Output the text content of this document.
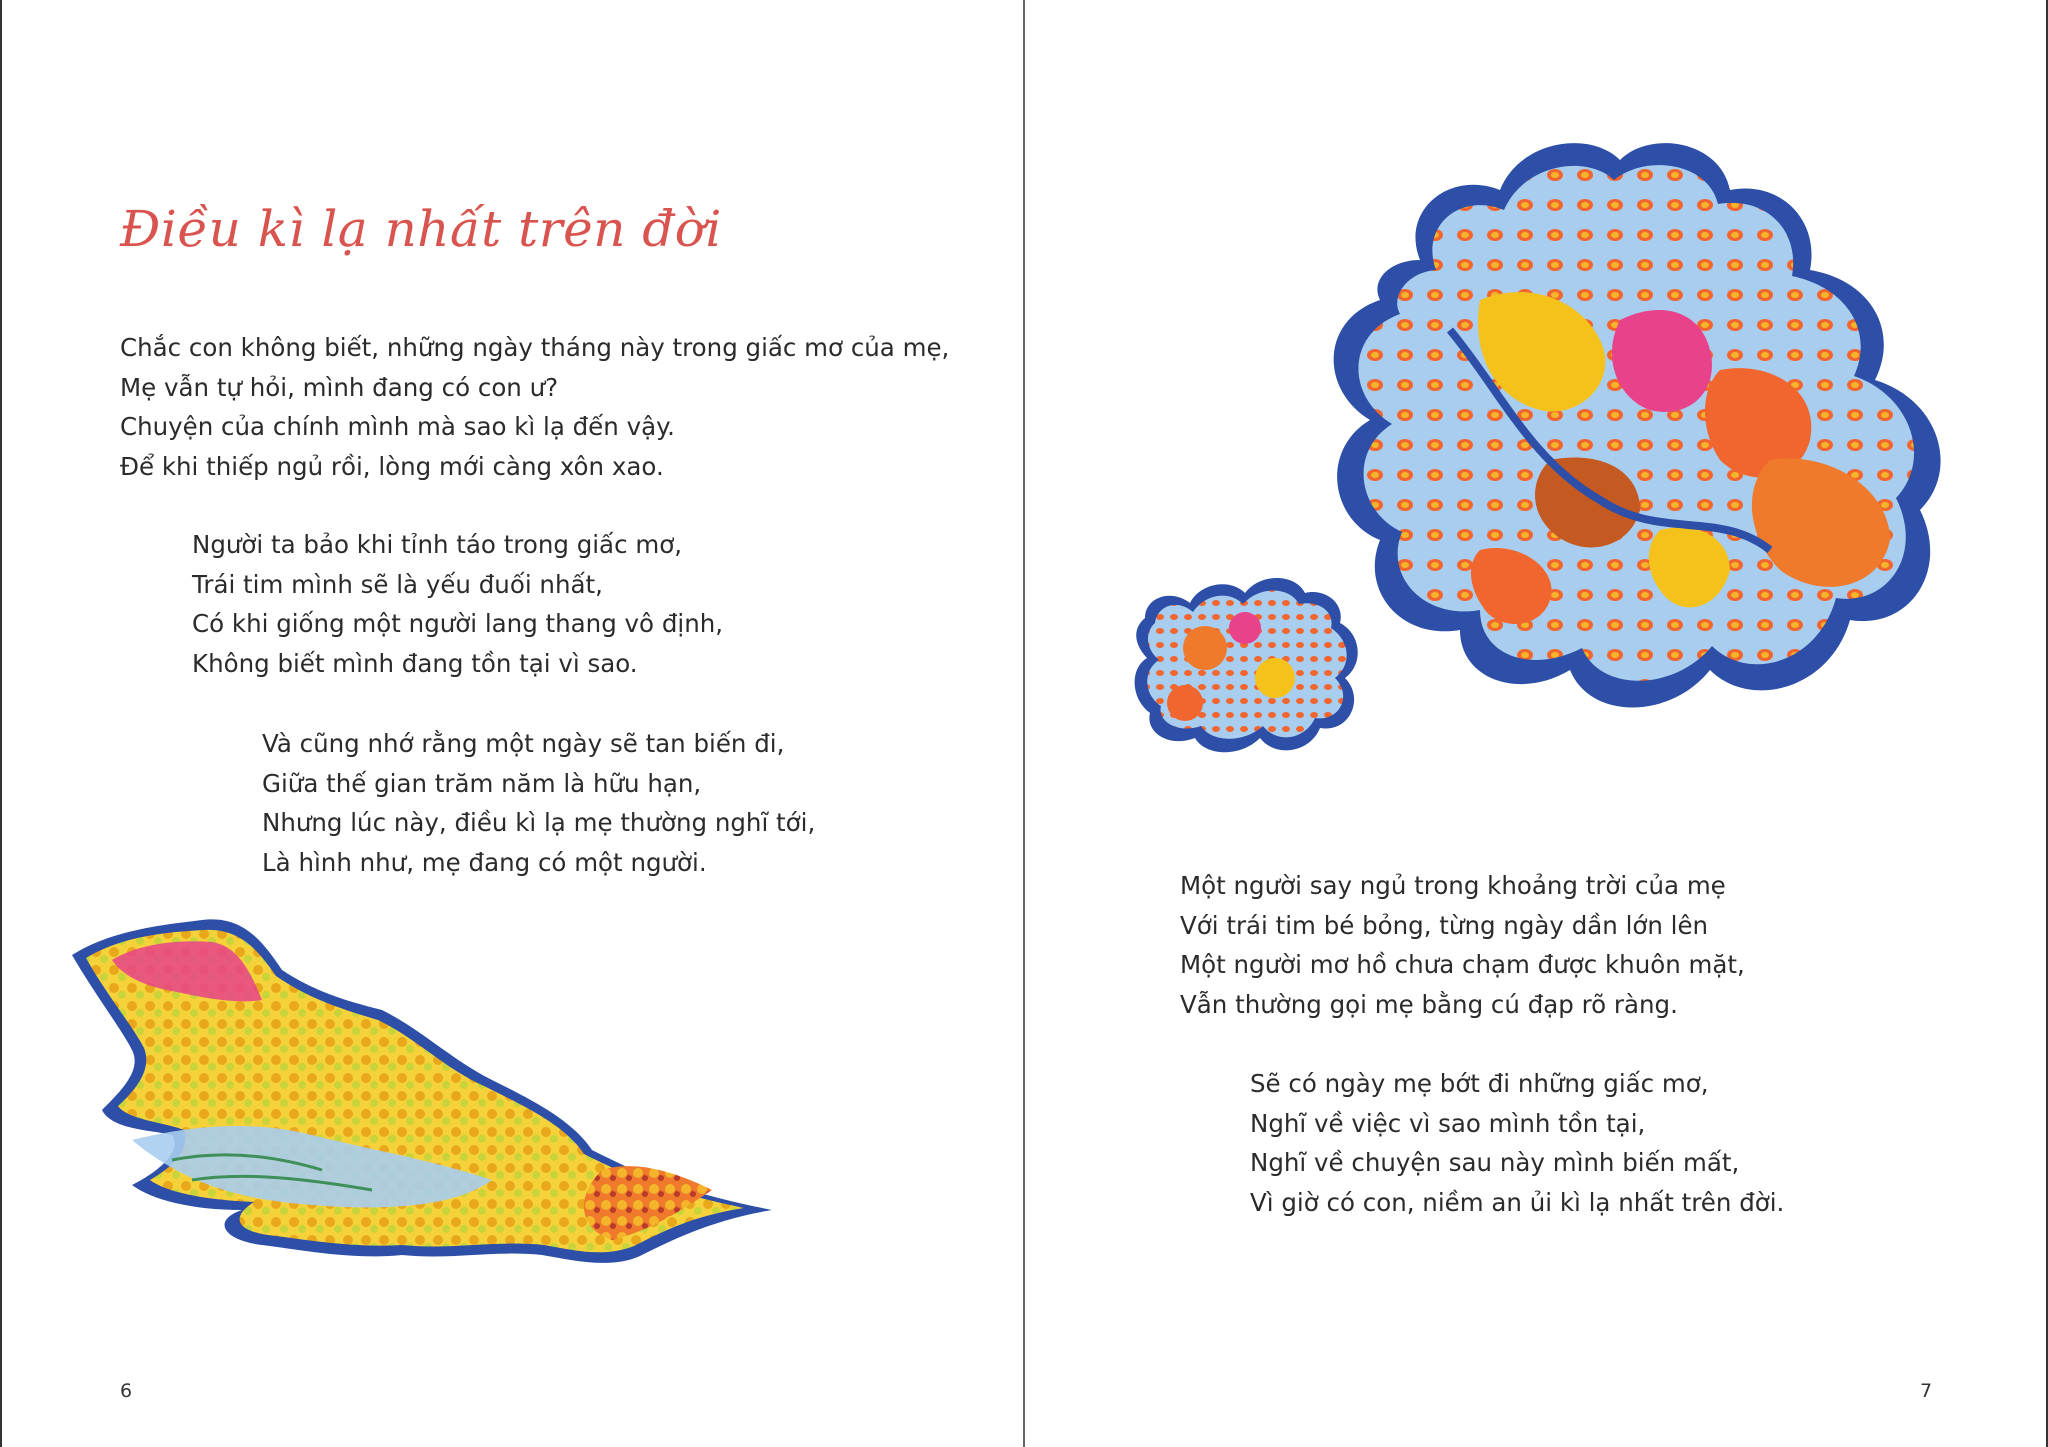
Điều kì lạ nhất trên đời
Chắc con không biết, những ngày tháng này trong giấc mơ của mẹ,
Mẹ vẫn tự hỏi, mình đang có con ư?
Chuyện của chính mình mà sao kì lạ đến vậy.
Để khi thiếp ngủ rồi, lòng mới càng xôn xao.
Người ta bảo khi tỉnh táo trong giấc mơ,
Trái tim mình sẽ là yếu đuối nhất,
Có khi giống một người lang thang vô định,
Không biết mình đang tồn tại vì sao.
Và cũng nhớ rằng một ngày sẽ tan biến đi,
Giữa thế gian trăm năm là hữu hạn,
Nhưng lúc này, điều kì lạ mẹ thường nghĩ tới,
Là hình như, mẹ đang có một người.
6
Một người say ngủ trong khoảng trời của mẹ
Với trái tim bé bỏng, từng ngày dần lớn lên
Một người mơ hồ chưa chạm được khuôn mặt,
Vẫn thường gọi mẹ bằng cú đạp rõ ràng.
Sẽ có ngày mẹ bớt đi những giấc mơ,
Nghĩ về việc vì sao mình tồn tại,
Nghĩ về chuyện sau này mình biến mất,
Vì giờ có con, niềm an ủi kì lạ nhất trên đời.
7
